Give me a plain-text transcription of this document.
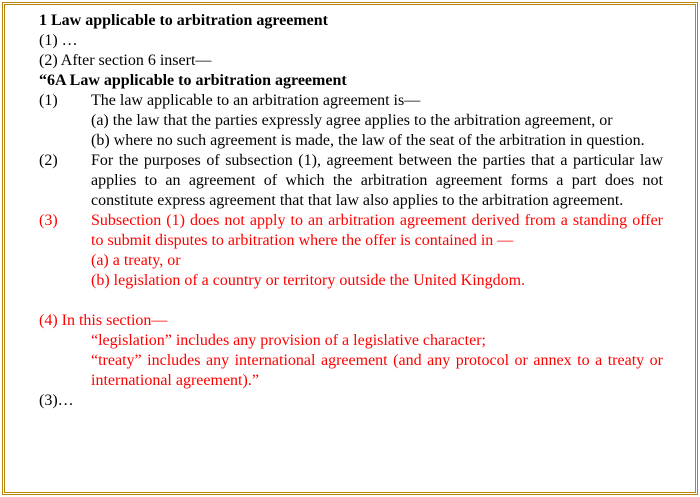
1 Law applicable to arbitration agreement
(1) …
(2) After section 6 insert—
“6A Law applicable to arbitration agreement
(1)	The law applicable to an arbitration agreement is—
(a) the law that the parties expressly agree applies to the arbitration agreement, or
(b) where no such agreement is made, the law of the seat of the arbitration in question.
(2)	For the purposes of subsection (1), agreement between the parties that a particular law applies to an agreement of which the arbitration agreement forms a part does not constitute express agreement that that law also applies to the arbitration agreement.
(3)	Subsection (1) does not apply to an arbitration agreement derived from a standing offer to submit disputes to arbitration where the offer is contained in —
(a) a treaty, or
(b) legislation of a country or territory outside the United Kingdom.
(4) In this section—
“legislation” includes any provision of a legislative character;
“treaty” includes any international agreement (and any protocol or annex to a treaty or international agreement).”
(3)…
